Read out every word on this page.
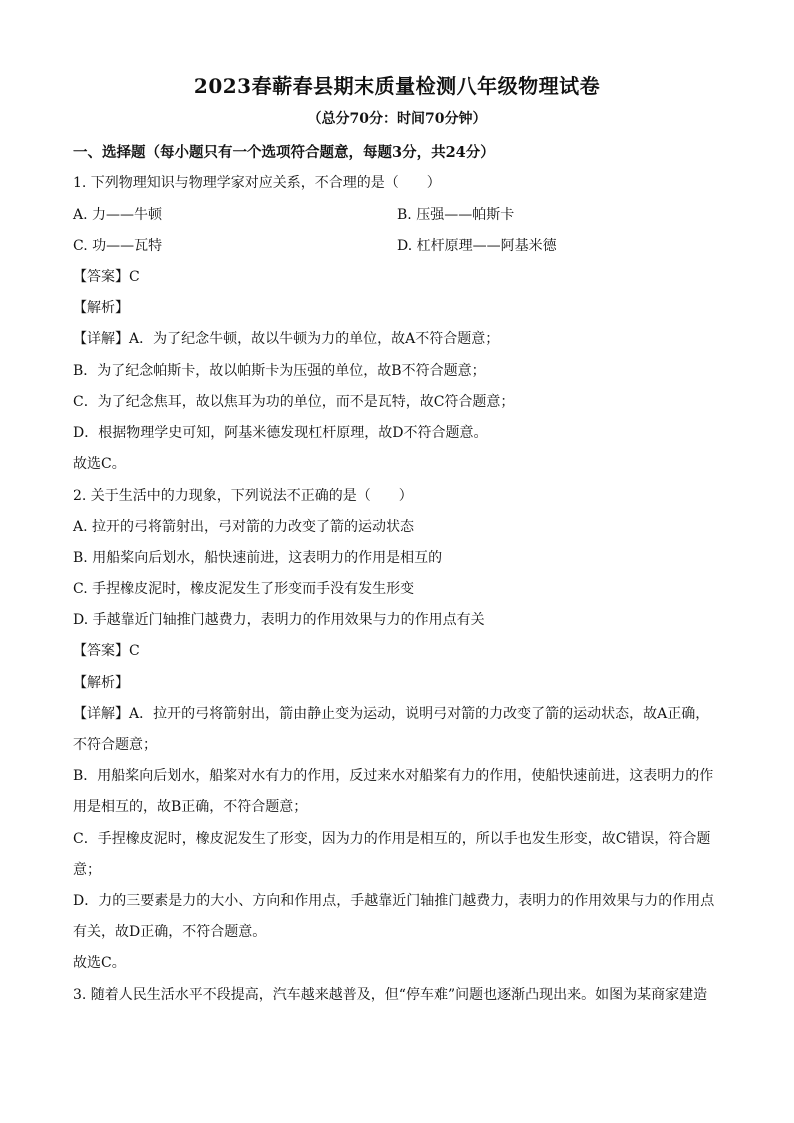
2023春蕲春县期末质量检测八年级物理试卷
（总分70分：时间70分钟）
一、选择题（每小题只有一个选项符合题意，每题3分，共24分）
1. 下列物理知识与物理学家对应关系，不合理的是（　　）
A. 力——牛顿	B. 压强——帕斯卡
C. 功——瓦特	D. 杠杆原理——阿基米德
【答案】C
【解析】
【详解】A．为了纪念牛顿，故以牛顿为力的单位，故A不符合题意；
B．为了纪念帕斯卡，故以帕斯卡为压强的单位，故B不符合题意；
C．为了纪念焦耳，故以焦耳为功的单位，而不是瓦特，故C符合题意；
D．根据物理学史可知，阿基米德发现杠杆原理，故D不符合题意。
故选C。
2. 关于生活中的力现象，下列说法不正确的是（　　）
A. 拉开的弓将箭射出，弓对箭的力改变了箭的运动状态
B. 用船桨向后划水，船快速前进，这表明力的作用是相互的
C. 手捏橡皮泥时，橡皮泥发生了形变而手没有发生形变
D. 手越靠近门轴推门越费力，表明力的作用效果与力的作用点有关
【答案】C
【解析】
【详解】A．拉开的弓将箭射出，箭由静止变为运动，说明弓对箭的力改变了箭的运动状态，故A正确，
不符合题意；
B．用船桨向后划水，船桨对水有力的作用，反过来水对船桨有力的作用，使船快速前进，这表明力的作
用是相互的，故B正确，不符合题意；
C．手捏橡皮泥时，橡皮泥发生了形变，因为力的作用是相互的，所以手也发生形变，故C错误，符合题
意；
D．力的三要素是力的大小、方向和作用点，手越靠近门轴推门越费力，表明力的作用效果与力的作用点
有关，故D正确，不符合题意。
故选C。
3. 随着人民生活水平不段提高，汽车越来越普及，但“停车难”问题也逐渐凸现出来。如图为某商家建造
